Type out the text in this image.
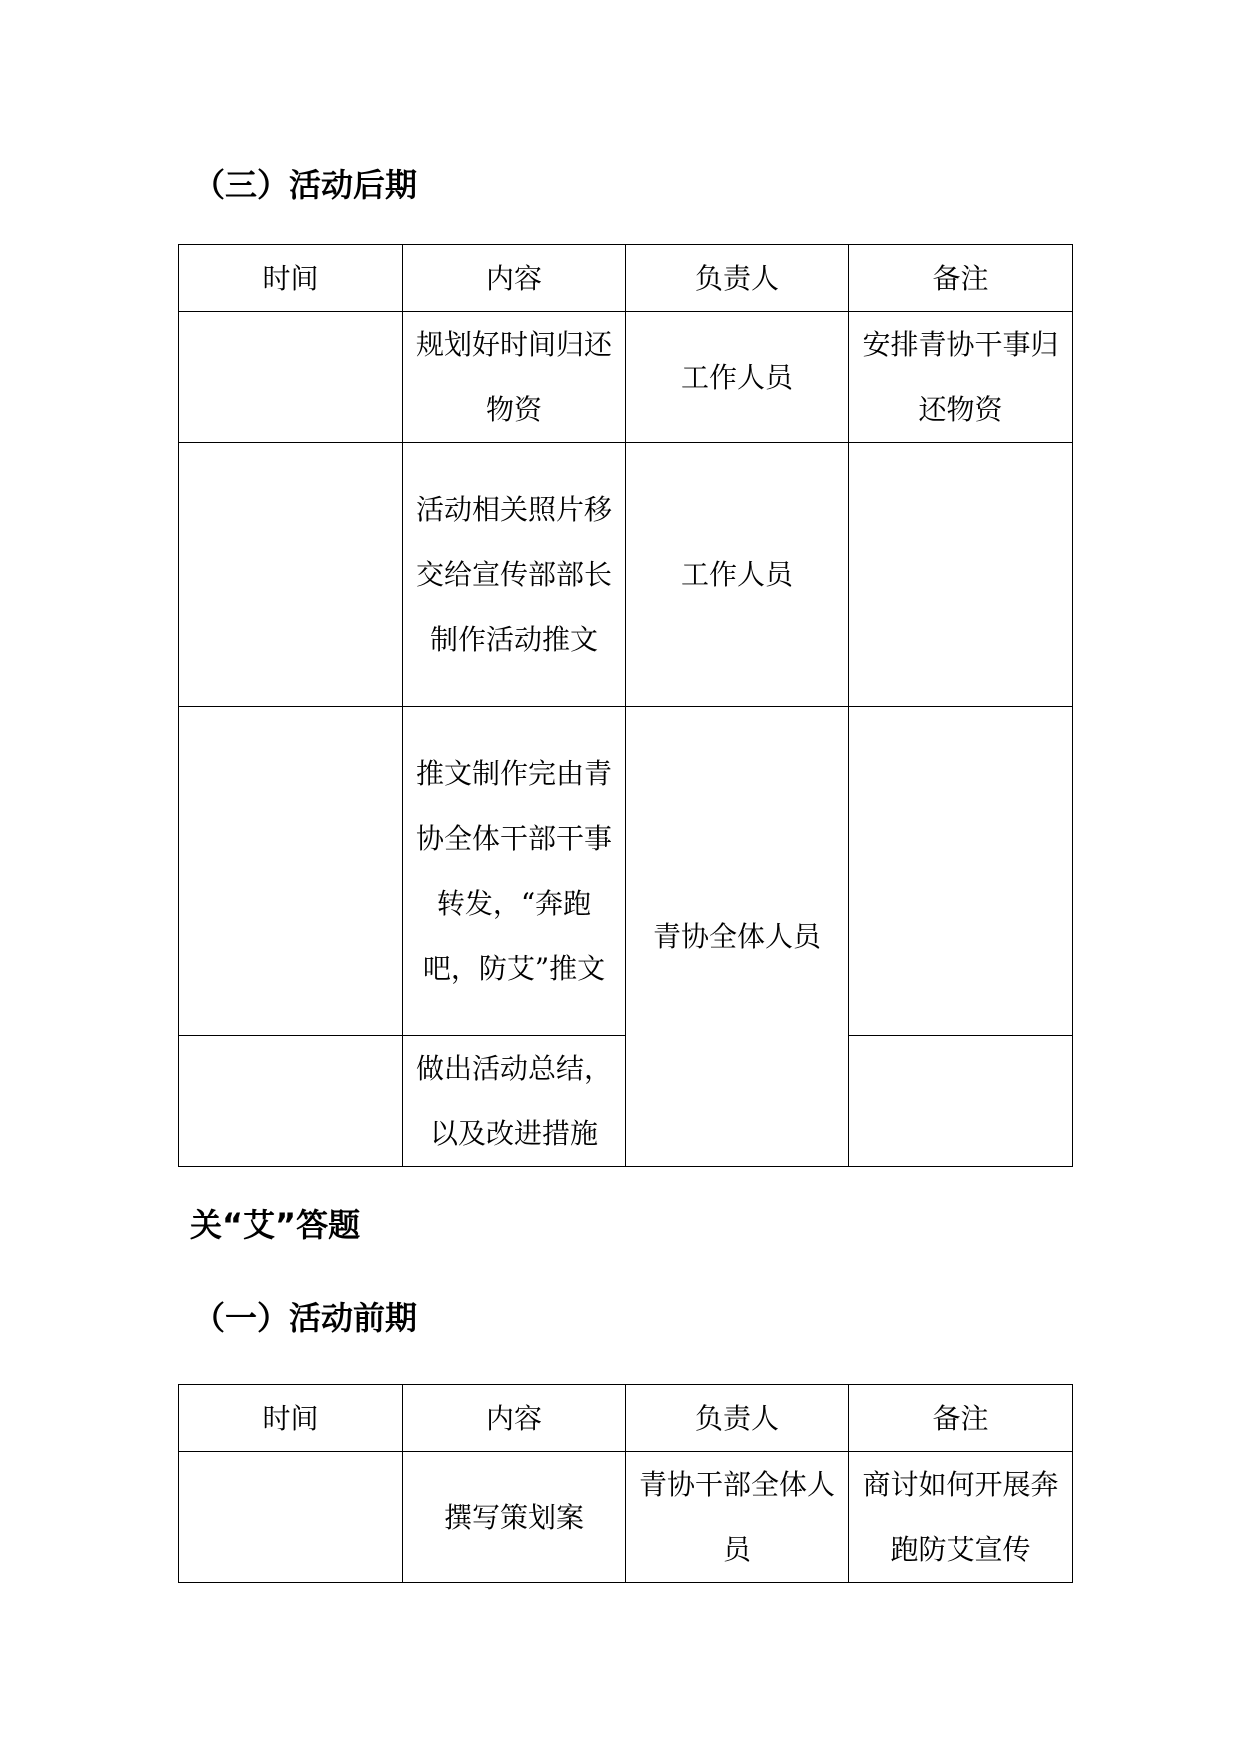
（三）活动后期
时间	内容	负责人	备注

	规划好时间归还物资	工作人员	安排青协干事归还物资

	活动相关照片移交给宣传部部长制作活动推文	工作人员	

	推文制作完由青协全体干部干事转发，“奔跑吧，防艾”推文	青协全体人员	

	做出活动总结，以及改进措施		

关“艾”答题
（一）活动前期
时间	内容	负责人	备注

	撰写策划案	青协干部全体人员	商讨如何开展奔跑防艾宣传
